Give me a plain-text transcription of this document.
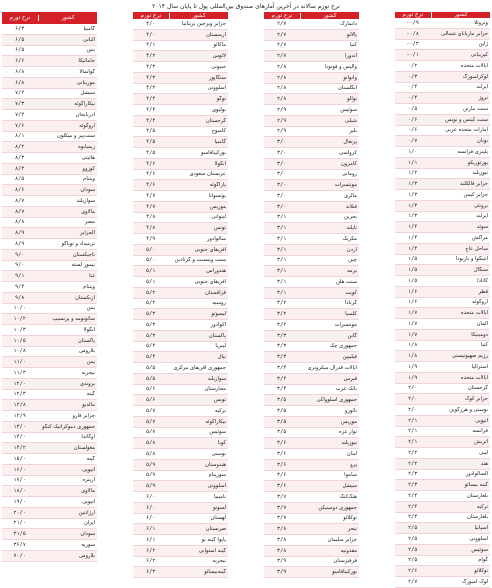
نرخ تورم سالانه در آخرین آمارهای صندوق بین‌المللی پول تا پایان سال ۲۰۱۴
کشور
نرخ تورم
ونزوئلا
-۰/۹
جزایر ماریانای شمالی
-۰/۸
ژاپن
-۰/۳
کیریباتی
-۰/۱
ایالات متحده
۰/۲
لوکزامبورگ
۰/۳
ایرلند
۰/۴
نروژ
۰/۴
سنت مارتن
۰/۵
سنت کیتس و نویس
۰/۶
امارات متحده عربی
۰/۶
بوتان
۰/۷
پلینزی فرانسه
۱/۰
پورتوریکو
۱/۱
نیوزیلند
۱/۲
جزایر فالکلند
۱/۳
جزایر کیمن
۱/۳
برونئی
۱/۳
ایرلند
۱/۳
سوئد
۱/۴
مراکش
۱/۴
ساحل عاج
۱/۴
آنتیگوا و باربودا
۱/۵
سنگال
۱/۵
کانادا
۱/۵
قطر
۱/۶
اروگوئه
۱/۶
ایالات متحده
۱/۷
آلمان
۱/۷
دومینیکا
۱/۷
کنیا
۱/۸
رژیم صهیونیستی
۱/۸
استرالیا
۱/۹
ایالات متحده
۱/۹
گرجستان
۲/۰
جزایر کوک
۲/۰
بوسنی و هرزگوین
۲/۰
اتیوپی
۲/۱
فرانسه
۲/۱
اتریش
۲/۱
لیبی
۲/۲
هند
۲/۲
السالوادور
۲/۳
گینه بیسائو
۲/۳
بلغارستان
۲/۴
ترکیه
۲/۴
بلغارستان
۲/۴
اسپانیا
۲/۵
اسلوونی
۲/۵
سوئیس
۲/۵
گوام
۲/۵
توکلائو
۲/۶
لوک امبورگ
۲/۷
کشور
نرخ تورم
دانمارک
۲/۷
پالائو
۲/۷
کنیا
۲/۷
آندورا
۲/۷
والیس و فوتونا
۲/۸
وانواتو
۲/۸
انگلستان
۲/۸
توالو
۲/۸
سوئیس
۲/۹
شیلی
۲/۹
بلیز
۲/۹
پرتغال
۳/۰
کرواسی
۳/۰
کامرون
۳/۰
رومانی
۳/۰
مونتسرات
۳/۰
مالزی
۳/۰
فنلاند
۳/۰
بحرین
۳/۱
تایلند
۳/۱
مکزیک
۳/۱
اردن
۳/۱
چین
۳/۱
برمه
۳/۱
سنت هلن
۳/۱
کویت
۳/۱
گرنادا
۳/۲
کلمبیا
۳/۲
مونتسرات
۳/۲
گابن
۳/۳
جمهوری چک
۳/۳
فیلیپین
۳/۳
ایالات فدرال میکرونزی
۳/۴
قبرس
۳/۴
بانک غرب
۳/۴
جمهوری اسلوواکی
۳/۵
نائورو
۳/۵
موریس
۳/۵
نوار غزه
۳/۵
نیوزیلند
۳/۶
لبنان
۳/۶
پرو
۳/۶
ساموا
۳/۶
سیشل
۳/۶
هنگ‌کنگ
۳/۷
جمهوری دومینیکن
۳/۷
توکلائو
۳/۷
نیجر
۳/۸
جزایر سلیمان
۳/۸
مقدونیه
۳/۸
قرقیزستان
۳/۹
بورکینافاسو
۳/۹
کشور
نرخ تورم
جزایر ویرجین بریتانیا
۴/۰
ارمنستان
۴/۰
ماکائو
۴/۱
لائوس
۴/۲
جیبوتی
۴/۳
سنگاپور
۴/۳
اسلوونی
۴/۴
توگو
۴/۴
بولیوی
۴/۴
گرجستان
۴/۴
کامبوج
۴/۵
گامبیا
۴/۵
بورکینافاسو
۴/۵
آنگولا
۴/۶
عربستان سعودی
۴/۶
پاراگوئه
۴/۶
بوتسوانا
۴/۷
موریس
۴/۷
لیتوانی
۴/۸
تونس
۴/۸
سالوادور
۴/۹
آفریقای جنوبی
۵/۰
سنت وینسنت و گرنادین
۵/۰
هندوراس
۵/۱
آفریقای جنوبی
۵/۱
قزاقستان
۵/۲
روسیه
۵/۲
لیسوتو
۵/۳
اکوادور
۵/۳
پاکستان
۵/۳
لیبریا
۵/۴
نپال
۵/۴
جمهوری آفریقای مرکزی
۵/۵
سوازیلند
۵/۵
مجارستان
۵/۶
تونس
۵/۶
ترکیه
۵/۷
نیکاراگوئه
۵/۷
سوئیس
۵/۷
کوبا
۵/۸
بوسنی
۵/۸
هندوستان
۵/۹
سورینام
۵/۹
اسلوونی
۵/۹
نامیبیا
۶/۰
لسوتو
۶/۰
لهستان
۶/۰
صربستان
۶/۱
پاپوآ گینه نو
۶/۱
گینه استوایی
۶/۲
نیجریه
۶/۲
گینه‌بیسائو
۶/۳
کشور
نرخ تورم
گامبیا
۶/۳
آلبانی
۶/۵
بنین
۶/۵
جامائیکا
۶/۶
گواتمالا
۶/۸
موریتانی
۶/۸
سیشل
۷/۲
نیکاراگوئه
۷/۳
آذربایجان
۷/۴
اروگوئه
۷/۶
سنت‌پیر و میکلون
۸/۱
زیمبابوه
۸/۲
هائیتی
۸/۳
کوزوو
۸/۴
ویتنام
۸/۵
سودان
۸/۶
سوازیلند
۸/۷
مالاوی
۸/۷
مصر
۸/۸
الجزایر
۸/۹
ترینیداد و توباگو
۸/۹
تاجیکستان
۹/۰
تیمور لسته
۹/۰
غنا
۹/۱
ویتنام
۹/۴
ازبکستان
۹/۸
یمن
۱۰/۰
سائوتومه و پرنسیپ
۱۰/۲
آنگولا
۱۰/۳
پاکستان
۱۰/۵
بلاروس
۱۰/۸
یمن
۱۱/۰
نیجریه
۱۱/۳
بروندی
۱۲/۰
گینه
۱۲/۳
مالدیو
۱۲/۸
جزایر فارو
۱۲/۹
جمهوری دموکراتیک کنگو
۱۳/۰
اوگاندا
۱۴/۰
مغولستان
۱۴/۲
گینه
۱۵/۰
اتیوپی
۱۶/۰
اریتره
۱۷/۰
مالاوی
۱۸/۰
اتیوپی
۱۹/۰
آرژانتین
۲۰/۰
ایران
۲۱/۰
سودان
۳۱/۵
سوریه
۳۶/۷
بلاروس
۷۰/۰
